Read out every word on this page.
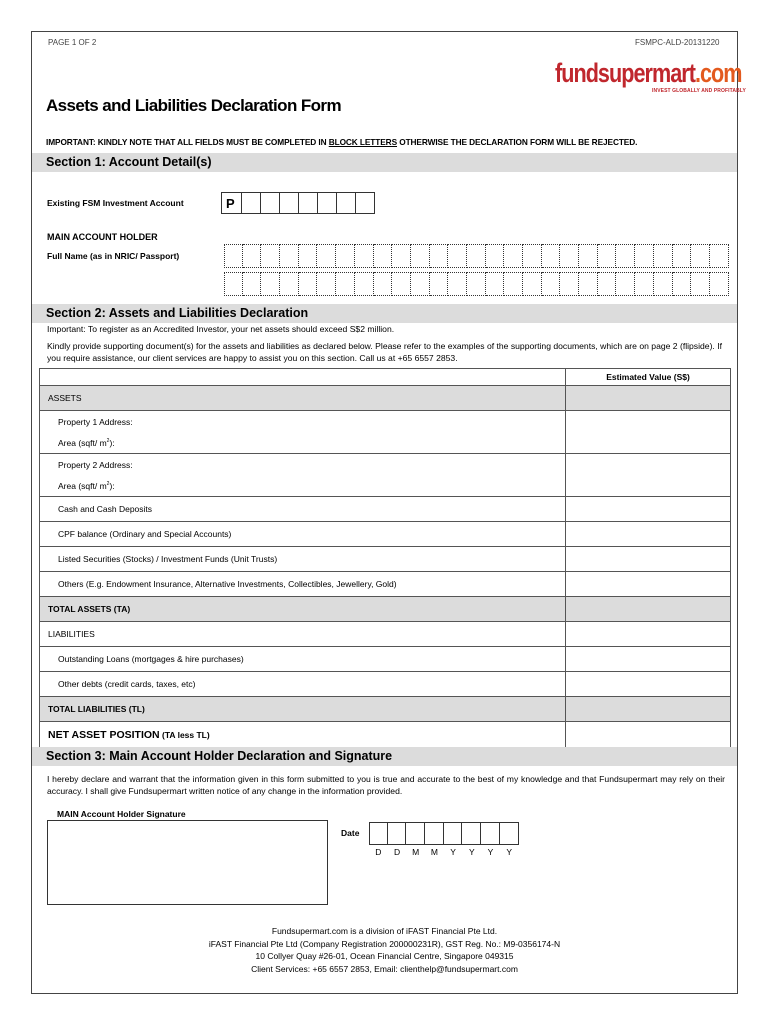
PAGE 1 OF 2	FSMPC-ALD-20131220
fundsupermart.com
INVEST GLOBALLY AND PROFITABLY
Assets and Liabilities Declaration Form
IMPORTANT: KINDLY NOTE THAT ALL FIELDS MUST BE COMPLETED IN BLOCK LETTERS OTHERWISE THE DECLARATION FORM WILL BE REJECTED.
Section 1: Account Detail(s)
Existing FSM Investment Account	P
MAIN ACCOUNT HOLDER
Full Name (as in NRIC/ Passport)
Section 2: Assets and Liabilities Declaration
Important: To register as an Accredited Investor, your net assets should exceed S$2 million.
Kindly provide supporting document(s) for the assets and liabilities as declared below. Please refer to the examples of the supporting documents, which are on page 2 (flipside). If you require assistance, our client services are happy to assist you on this section. Call us at +65 6557 2853.
	Estimated Value (S$)
ASSETS	

Property 1 Address:
Area (sqft/ $m^2$):	

Property 2 Address:
Area (sqft/ $m^2$):	

Cash and Cash Deposits	
CPF balance (Ordinary and Special Accounts)	
Listed Securities (Stocks) / Investment Funds (Unit Trusts)	
Others (E.g. Endowment Insurance, Alternative Investments, Collectibles, Jewellery, Gold)	
TOTAL ASSETS (TA)	
LIABILITIES	
Outstanding Loans (mortgages & hire purchases)	
Other debts (credit cards, taxes, etc)	
TOTAL LIABILITIES (TL)	
NET ASSET POSITION (TA less TL)	
Section 3: Main Account Holder Declaration and Signature
I hereby declare and warrant that the information given in this form submitted to you is true and accurate to the best of my knowledge and that Fundsupermart may rely on their accuracy. I shall give Fundsupermart written notice of any change in the information provided.
MAIN Account Holder Signature
Date
D	D	M	M	Y	Y	Y	Y
Fundsupermart.com is a division of iFAST Financial Pte Ltd.
iFAST Financial Pte Ltd (Company Registration 200000231R), GST Reg. No.: M9-0356174-N
10 Collyer Quay #26-01, Ocean Financial Centre, Singapore 049315
Client Services: +65 6557 2853, Email: clienthelp@fundsupermart.com
